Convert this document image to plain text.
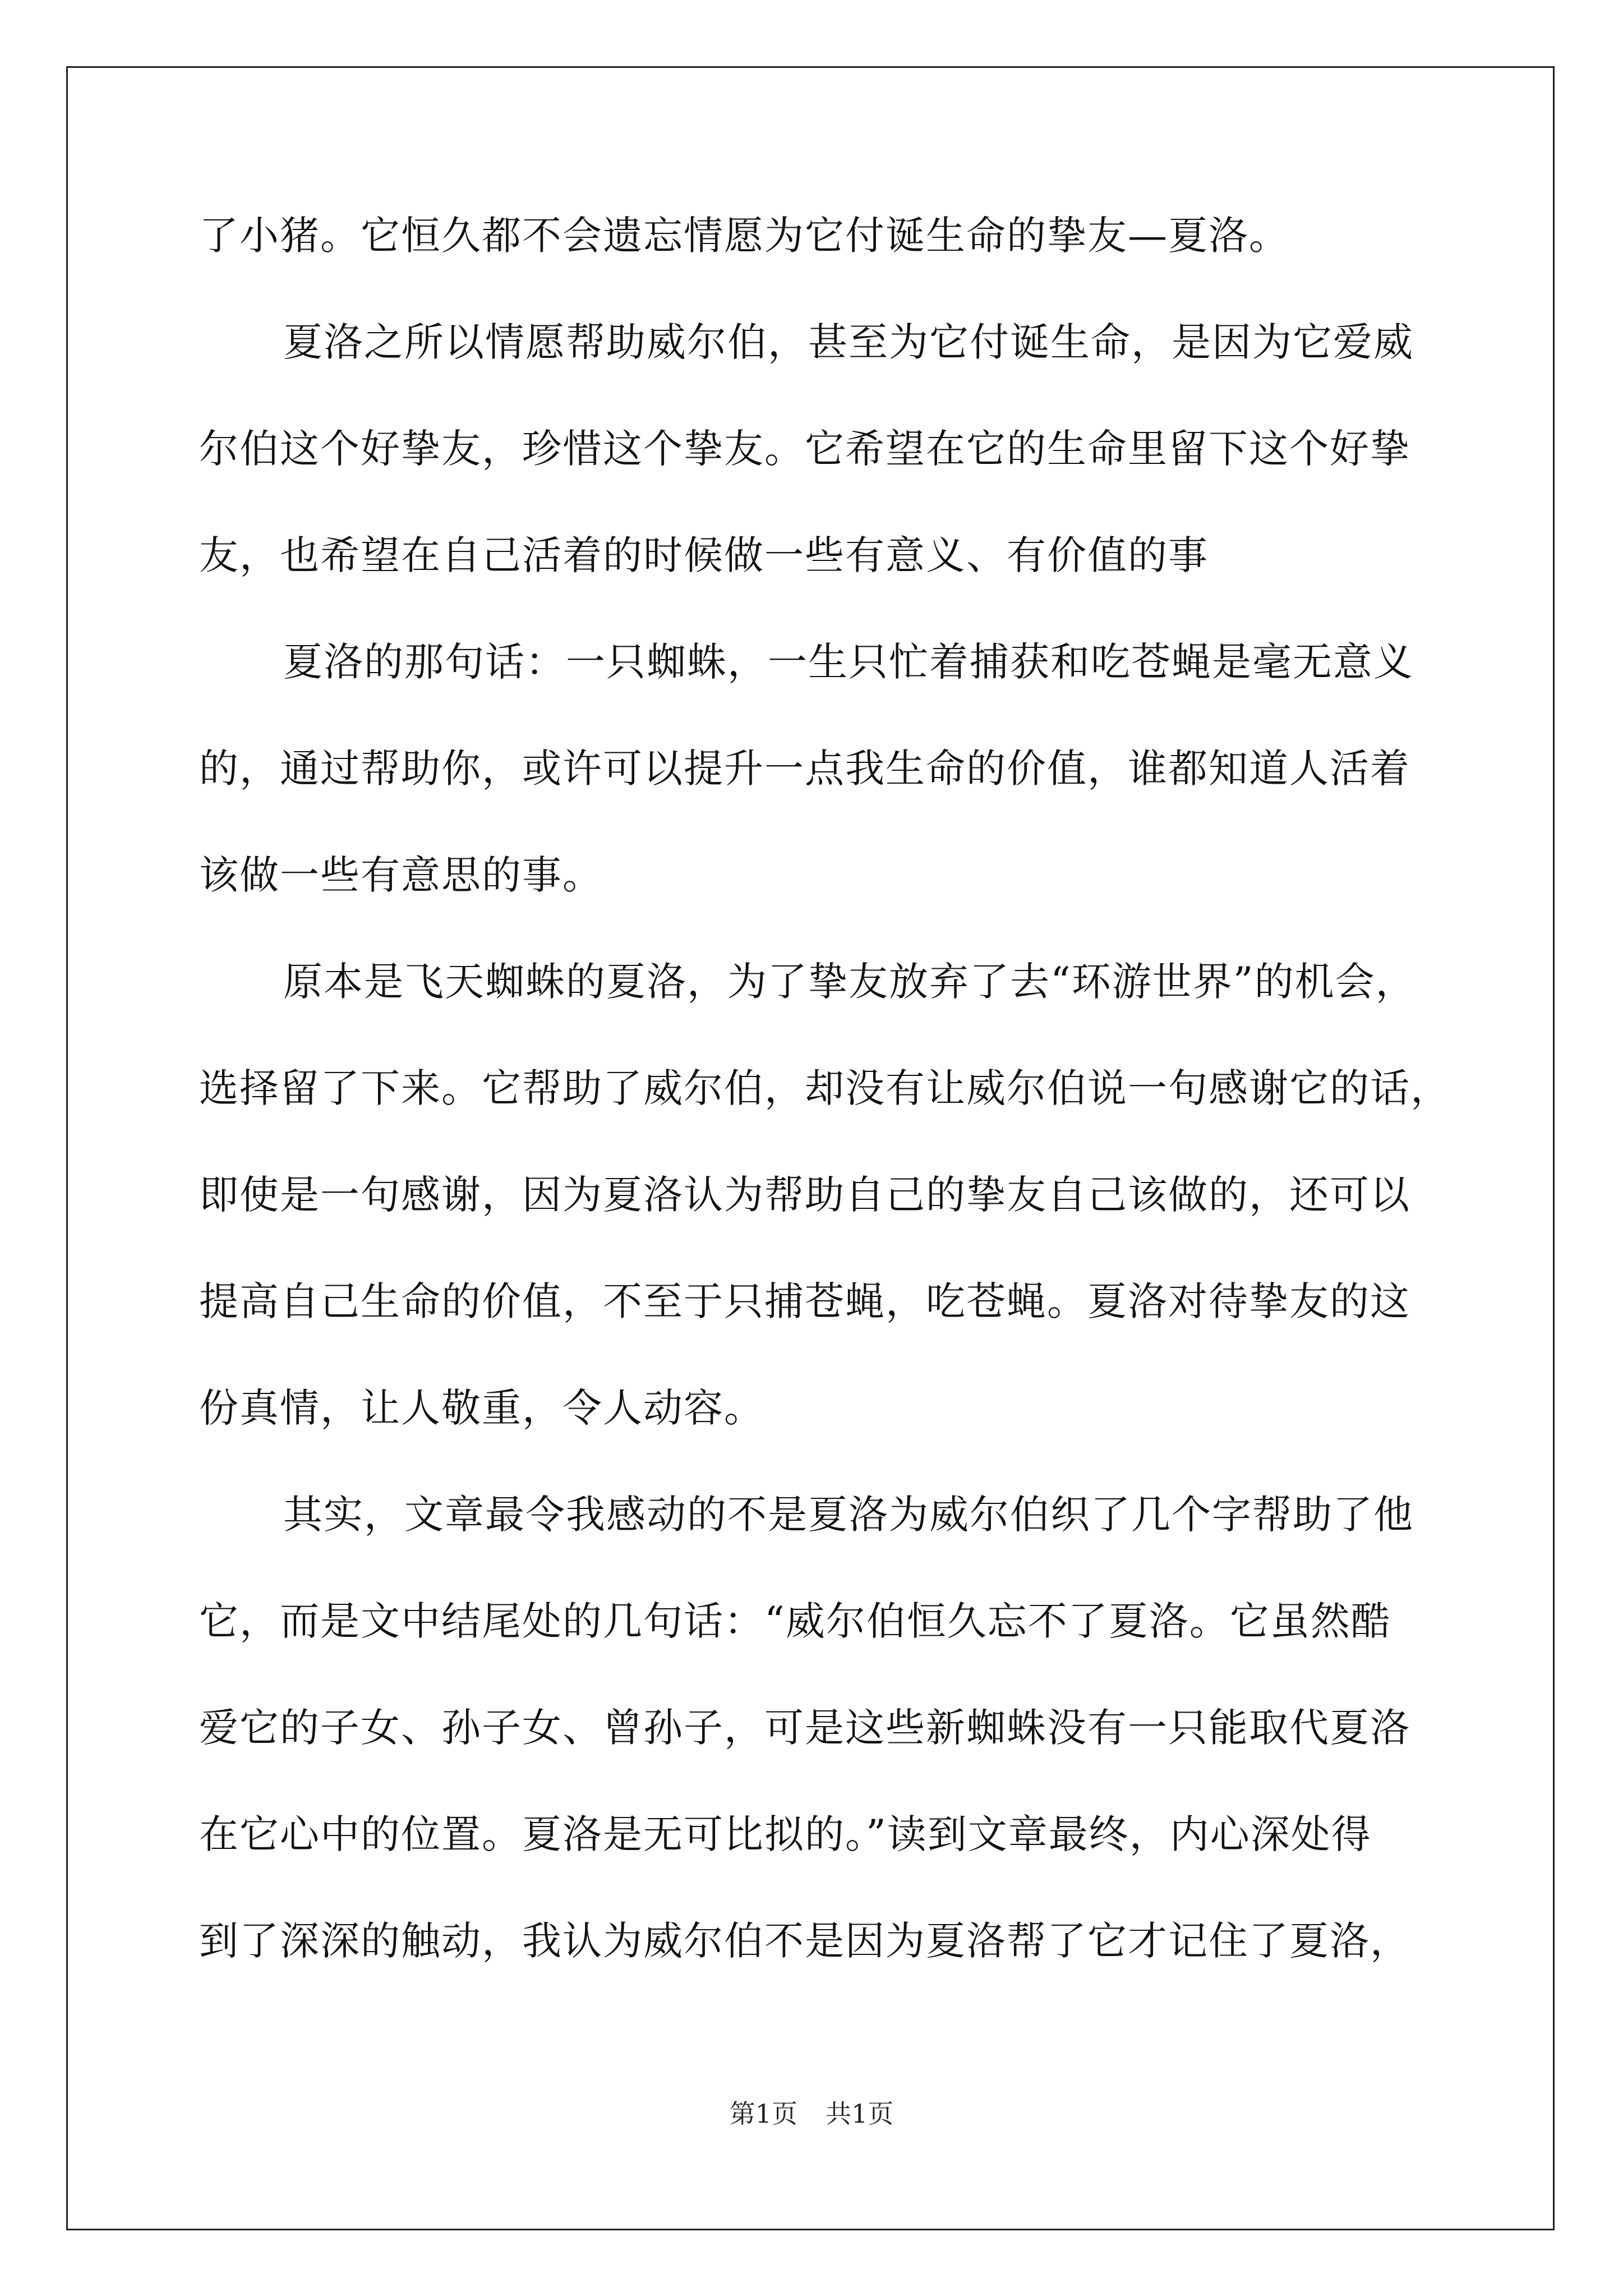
了小猪。它恒久都不会遗忘情愿为它付诞生命的挚友—夏洛。
夏洛之所以情愿帮助威尔伯，甚至为它付诞生命，是因为它爱威
尔伯这个好挚友，珍惜这个挚友。它希望在它的生命里留下这个好挚
友，也希望在自己活着的时候做一些有意义、有价值的事
夏洛的那句话：一只蜘蛛，一生只忙着捕获和吃苍蝇是毫无意义
的，通过帮助你，或许可以提升一点我生命的价值，谁都知道人活着
该做一些有意思的事。
原本是飞天蜘蛛的夏洛，为了挚友放弃了去“环游世界”的机会，
选择留了下来。它帮助了威尔伯，却没有让威尔伯说一句感谢它的话，
即使是一句感谢，因为夏洛认为帮助自己的挚友自己该做的，还可以
提高自己生命的价值，不至于只捕苍蝇，吃苍蝇。夏洛对待挚友的这
份真情，让人敬重，令人动容。
其实，文章最令我感动的不是夏洛为威尔伯织了几个字帮助了他
它，而是文中结尾处的几句话：“威尔伯恒久忘不了夏洛。它虽然酷
爱它的子女、孙子女、曾孙子，可是这些新蜘蛛没有一只能取代夏洛
在它心中的位置。夏洛是无可比拟的。”读到文章最终，内心深处得
到了深深的触动，我认为威尔伯不是因为夏洛帮了它才记住了夏洛，
第1页 共1页
